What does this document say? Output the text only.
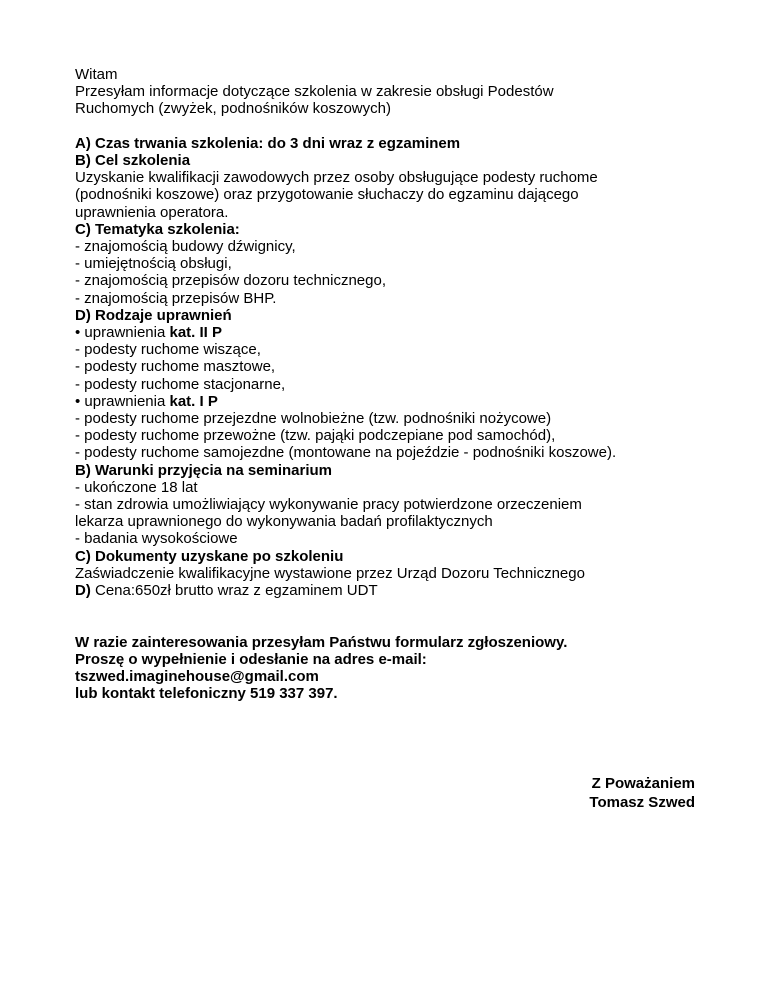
Witam
Przesyłam informacje dotyczące szkolenia w zakresie obsługi Podestów
Ruchomych (zwyżek, podnośników koszowych)
A) Czas trwania szkolenia: do 3 dni wraz z egzaminem
B) Cel szkolenia
Uzyskanie kwalifikacji zawodowych przez osoby obsługujące podesty ruchome
(podnośniki koszowe) oraz przygotowanie słuchaczy do egzaminu dającego
uprawnienia operatora.
C) Tematyka szkolenia:
- znajomością budowy dźwignicy,
- umiejętnością obsługi,
- znajomością przepisów dozoru technicznego,
- znajomością przepisów BHP.
D) Rodzaje uprawnień
• uprawnienia kat. II P
- podesty ruchome wiszące,
- podesty ruchome masztowe,
- podesty ruchome stacjonarne,
• uprawnienia kat. I P
- podesty ruchome przejezdne wolnobieżne (tzw. podnośniki nożycowe)
- podesty ruchome przewożne (tzw. pająki podczepiane pod samochód),
- podesty ruchome samojezdne (montowane na pojeździe - podnośniki koszowe).
B) Warunki przyjęcia na seminarium
- ukończone 18 lat
- stan zdrowia umożliwiający wykonywanie pracy potwierdzone orzeczeniem
lekarza uprawnionego do wykonywania badań profilaktycznych
- badania wysokościowe
C) Dokumenty uzyskane po szkoleniu
Zaświadczenie kwalifikacyjne wystawione przez Urząd Dozoru Technicznego
D) Cena:650zł brutto wraz z egzaminem UDT
W razie zainteresowania przesyłam Państwu formularz zgłoszeniowy.
Proszę o wypełnienie i odesłanie na adres e-mail:
tszwed.imaginehouse@gmail.com
lub kontakt telefoniczny 519 337 397.
Z Poważaniem
Tomasz Szwed
